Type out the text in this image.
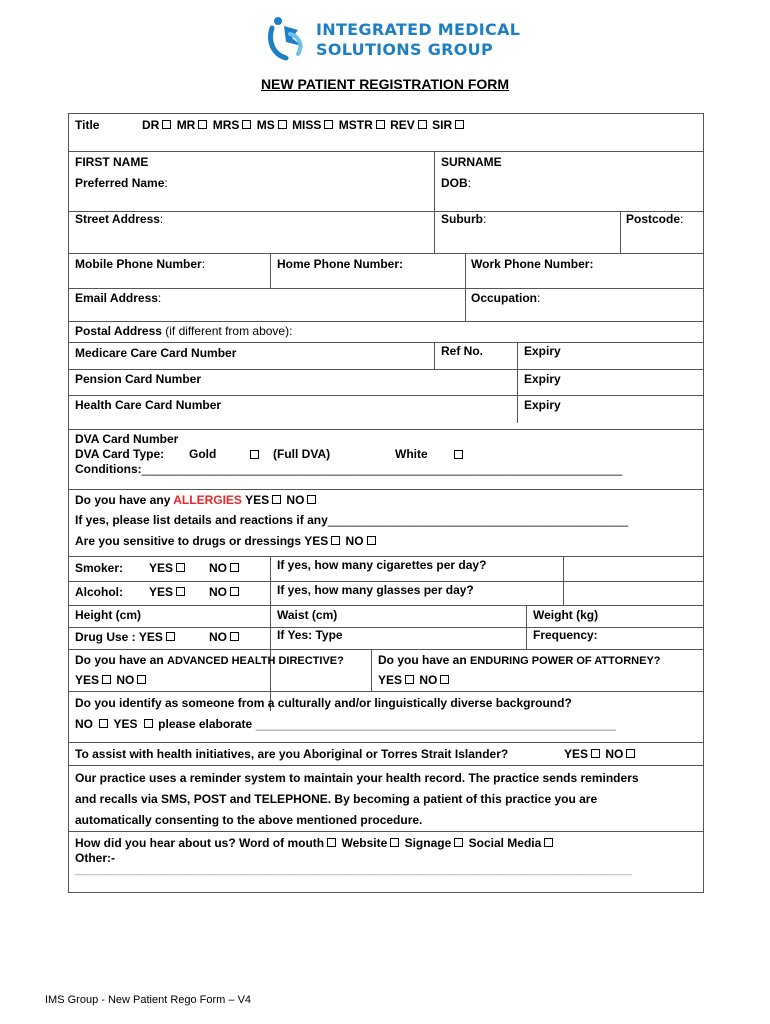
INTEGRATED MEDICAL
SOLUTIONS GROUP
NEW PATIENT REGISTRATION FORM
Title	DR MR MRS MS MISS MSTR REV SIR
FIRST NAME	SURNAME
Preferred Name:	DOB:
Street Address:	Suburb:	Postcode:
Mobile Phone Number:	Home Phone Number:	Work Phone Number:
Email Address:	Occupation:
Postal Address (if different from above):
Medicare Care Card Number	Ref No.	Expiry
Pension Card Number	Expiry
Health Care Card Number	Expiry
DVA Card Number
DVA Card Type: Gold	(Full DVA)	White
Conditions:________________________________________________________________________
Do you have any ALLERGIES YES NO
If yes, please list details and reactions if any_____________________________________________
Are you sensitive to drugs or dressings YES NO
Smoker: YES	NO	If yes, how many cigarettes per day?
Alcohol: YES	NO	If yes, how many glasses per day?
Height (cm)	Waist (cm)	Weight (kg)
Drug Use : YES	NO	If Yes: Type	Frequency:
Do you have an ADVANCED HEALTH DIRECTIVE?	Do you have an ENDURING POWER OF ATTORNEY?
YES NO	YES NO
Do you identify as someone from a culturally and/or linguistically diverse background?
NO YES please elaborate ______________________________________________________
To assist with health initiatives, are you Aboriginal or Torres Strait Islander?	YES NO
Our practice uses a reminder system to maintain your health record. The practice sends reminders
and recalls via SMS, POST and TELEPHONE. By becoming a patient of this practice you are
automatically consenting to the above mentioned procedure.
How did you hear about us? Word of mouth Website Signage Social Media
Other:-
___________________________________________________________________________________________
IMS Group - New Patient Rego Form – V4
